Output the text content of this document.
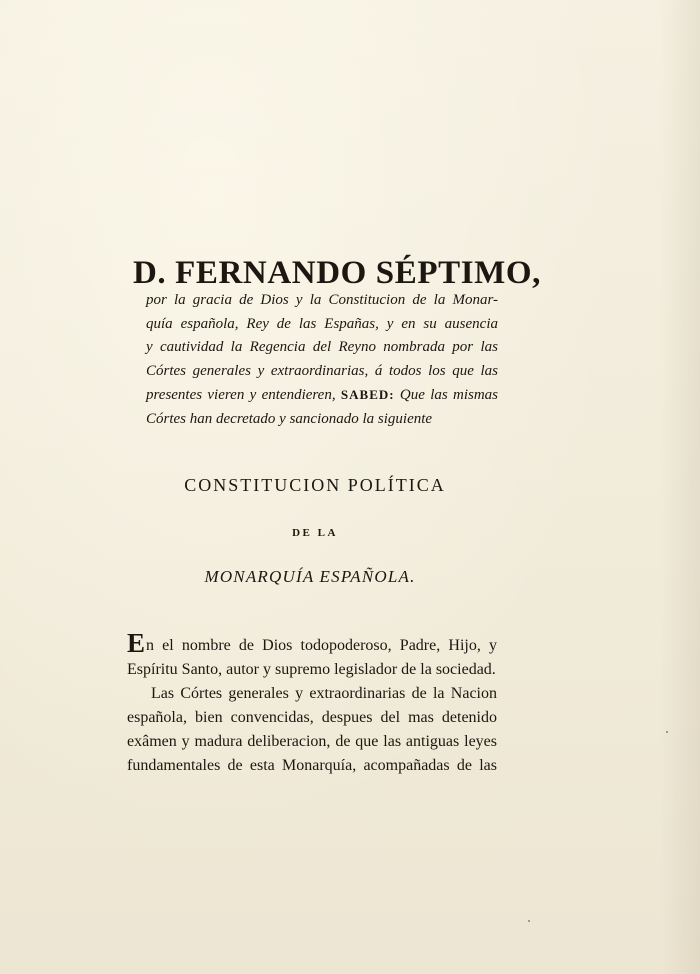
D. FERNANDO SÉPTIMO,
por la gracia de Dios y la Constitucion de la Monar-
quía española, Rey de las Españas, y en su ausencia
y cautividad la Regencia del Reyno nombrada por las
Córtes generales y extraordinarias, á todos los que las
presentes vieren y entendieren, SABED: Que las mismas
Córtes han decretado y sancionado la siguiente
CONSTITUCION POLÍTICA
DE LA
MONARQUÍA ESPAÑOLA.
En el nombre de Dios todopoderoso, Padre, Hijo, y
Espíritu Santo, autor y supremo legislador de la sociedad.
Las Córtes generales y extraordinarias de la Nacion
española, bien convencidas, despues del mas detenido
exâmen y madura deliberacion, de que las antiguas leyes
fundamentales de esta Monarquía, acompañadas de las
